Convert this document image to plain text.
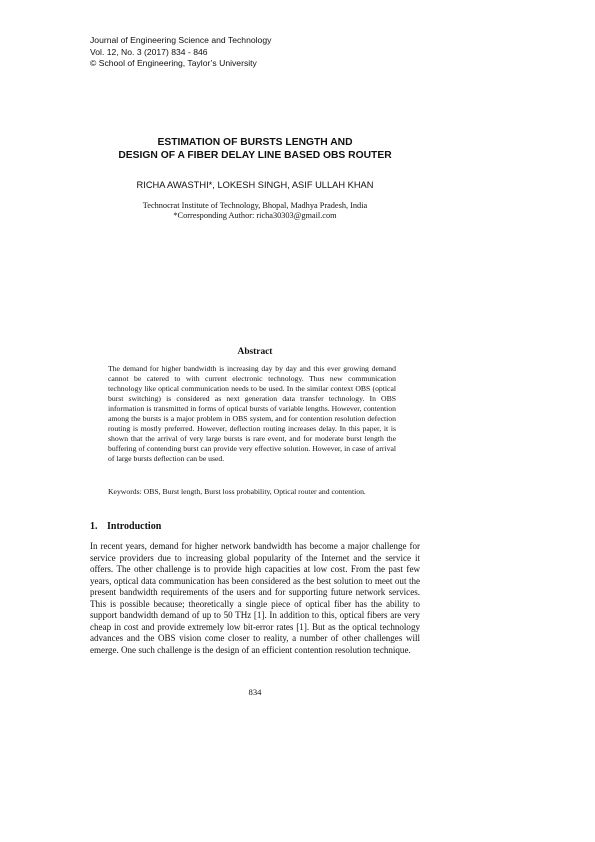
Journal of Engineering Science and Technology
Vol. 12, No. 3 (2017) 834 - 846
© School of Engineering, Taylor’s University
ESTIMATION OF BURSTS LENGTH AND
DESIGN OF A FIBER DELAY LINE BASED OBS ROUTER
RICHA AWASTHI*, LOKESH SINGH, ASIF ULLAH KHAN
Technocrat Institute of Technology, Bhopal, Madhya Pradesh, India
*Corresponding Author: richa30303@gmail.com
Abstract
The demand for higher bandwidth is increasing day by day and this ever growing demand cannot be catered to with current electronic technology. Thus new communication technology like optical communication needs to be used. In the similar context OBS (optical burst switching) is considered as next generation data transfer technology. In OBS information is transmitted in forms of optical bursts of variable lengths. However, contention among the bursts is a major problem in OBS system, and for contention resolution defection routing is mostly preferred. However, deflection routing increases delay. In this paper, it is shown that the arrival of very large bursts is rare event, and for moderate burst length the buffering of contending burst can provide very effective solution. However, in case of arrival of large bursts deflection can be used.
Keywords: OBS, Burst length, Burst loss probability, Optical router and contention.
1. Introduction
In recent years, demand for higher network bandwidth has become a major challenge for service providers due to increasing global popularity of the Internet and the service it offers. The other challenge is to provide high capacities at low cost. From the past few years, optical data communication has been considered as the best solution to meet out the present bandwidth requirements of the users and for supporting future network services. This is possible because; theoretically a single piece of optical fiber has the ability to support bandwidth demand of up to 50 THz [1]. In addition to this, optical fibers are very cheap in cost and provide extremely low bit-error rates [1]. But as the optical technology advances and the OBS vision come closer to reality, a number of other challenges will emerge. One such challenge is the design of an efficient contention resolution technique.
834
